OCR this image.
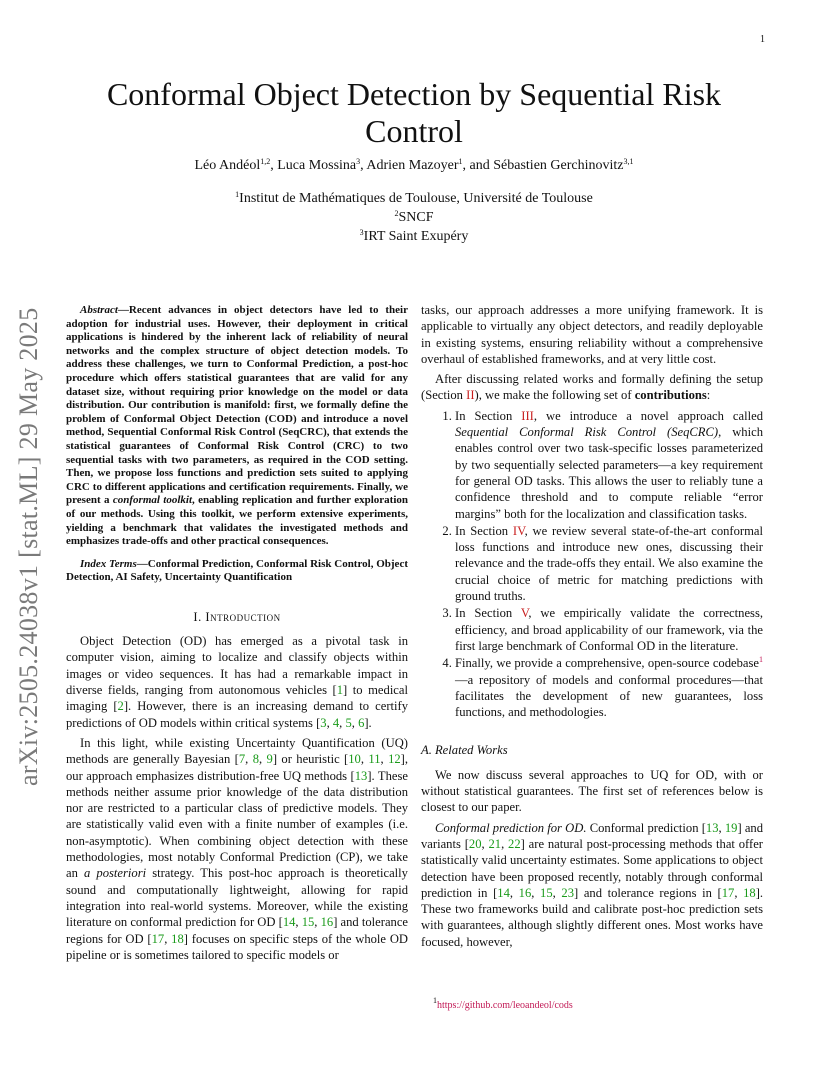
1
arXiv:2505.24038v1 [stat.ML] 29 May 2025
Conformal Object Detection by Sequential Risk Control
Léo Andéol$^{1,2}$, Luca Mossina$^3$, Adrien Mazoyer$^1$, and Sébastien Gerchinovitz$^{3,1}$
$^1$Institut de Mathématiques de Toulouse, Université de Toulouse
$^2$SNCF
$^3$IRT Saint Exupéry

Abstract—Recent advances in object detectors have led to their adoption for industrial uses. However, their deployment in critical applications is hindered by the inherent lack of reliability of neural networks and the complex structure of object detection models. To address these challenges, we turn to Conformal Prediction, a post-hoc procedure which offers statistical guarantees that are valid for any dataset size, without requiring prior knowledge on the model or data distribution. Our contribution is manifold: first, we formally define the problem of Conformal Object Detection (COD) and introduce a novel method, Sequential Conformal Risk Control (SeqCRC), that extends the statistical guarantees of Conformal Risk Control (CRC) to two sequential tasks with two parameters, as required in the COD setting. Then, we propose loss functions and prediction sets suited to applying CRC to different applications and certification requirements. Finally, we present a conformal toolkit, enabling replication and further exploration of our methods. Using this toolkit, we perform extensive experiments, yielding a benchmark that validates the investigated methods and emphasizes trade-offs and other practical consequences.

Index Terms—Conformal Prediction, Conformal Risk Control, Object Detection, AI Safety, Uncertainty Quantification

I. Introduction

Object Detection (OD) has emerged as a pivotal task in computer vision, aiming to localize and classify objects within images or video sequences. It has had a remarkable impact in diverse fields, ranging from autonomous vehicles [1] to medical imaging [2]. However, there is an increasing demand to certify predictions of OD models within critical systems [3, 4, 5, 6].

In this light, while existing Uncertainty Quantification (UQ) methods are generally Bayesian [7, 8, 9] or heuristic [10, 11, 12], our approach emphasizes distribution-free UQ methods [13]. These methods neither assume prior knowledge of the data distribution nor are restricted to a particular class of predictive models. They are statistically valid even with a finite number of examples (i.e. non-asymptotic). When combining object detection with these methodologies, most notably Conformal Prediction (CP), we take an a posteriori strategy. This post-hoc approach is theoretically sound and computationally lightweight, allowing for rapid integration into real-world systems. Moreover, while the existing literature on conformal prediction for OD [14, 15, 16] and tolerance regions for OD [17, 18] focuses on specific steps of the whole OD pipeline or is sometimes tailored to specific models or

tasks, our approach addresses a more unifying framework. It is applicable to virtually any object detectors, and readily deployable in existing systems, ensuring reliability without a comprehensive overhaul of established frameworks, and at very little cost.

After discussing related works and formally defining the setup (Section II), we make the following set of contributions:

1. In Section III, we introduce a novel approach called Sequential Conformal Risk Control (SeqCRC), which enables control over two task-specific losses parameterized by two sequentially selected parameters—a key requirement for general OD tasks. This allows the user to reliably tune a confidence threshold and to compute reliable “error margins” both for the localization and classification tasks.
2. In Section IV, we review several state-of-the-art conformal loss functions and introduce new ones, discussing their relevance and the trade-offs they entail. We also examine the crucial choice of metric for matching predictions with ground truths.
3. In Section V, we empirically validate the correctness, efficiency, and broad applicability of our framework, via the first large benchmark of Conformal OD in the literature.
4. Finally, we provide a comprehensive, open-source codebase$^1$—a repository of models and conformal procedures—that facilitates the development of new guarantees, loss functions, and methodologies.
A. Related Works

We now discuss several approaches to UQ for OD, with or without statistical guarantees. The first set of references below is closest to our paper.

Conformal prediction for OD. Conformal prediction [13, 19] and variants [20, 21, 22] are natural post-processing methods that offer statistically valid uncertainty estimates. Some applications to object detection have been proposed recently, notably through conformal prediction in [14, 16, 15, 23] and tolerance regions in [17, 18]. These two frameworks build and calibrate post-hoc prediction sets with guarantees, although slightly different ones. Most works have focused, however,

$^1$https://github.com/leoandeol/cods
